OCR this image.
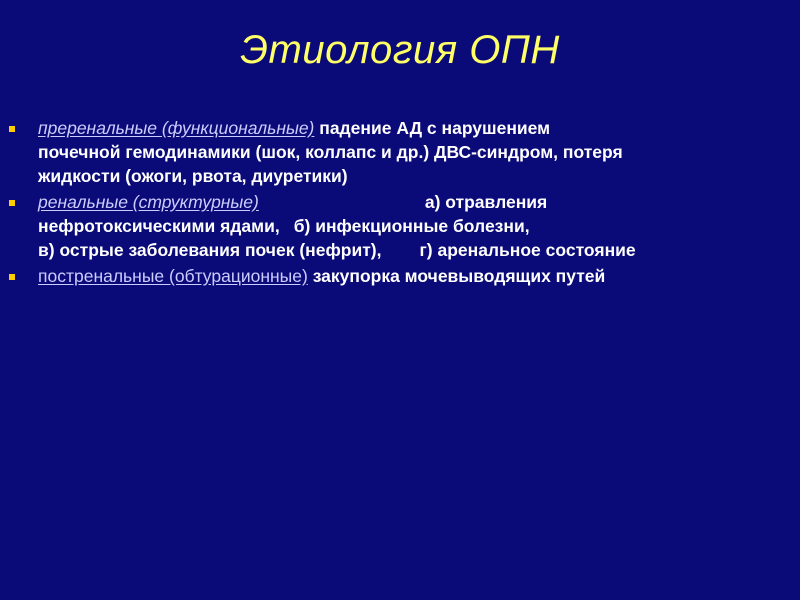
Этиология ОПН
преренальные (функциональные) падение АД с нарушением
почечной гемодинамики (шок, коллапс и др.) ДВС-синдром, потеря
жидкости (ожоги, рвота, диуретики)
ренальные (структурные)	а) отравления
нефротоксическими ядами, б) инфекционные болезни,
в) острые заболевания почек (нефрит), г) аренальное состояние
постренальные (обтурационные) закупорка мочевыводящих путей
